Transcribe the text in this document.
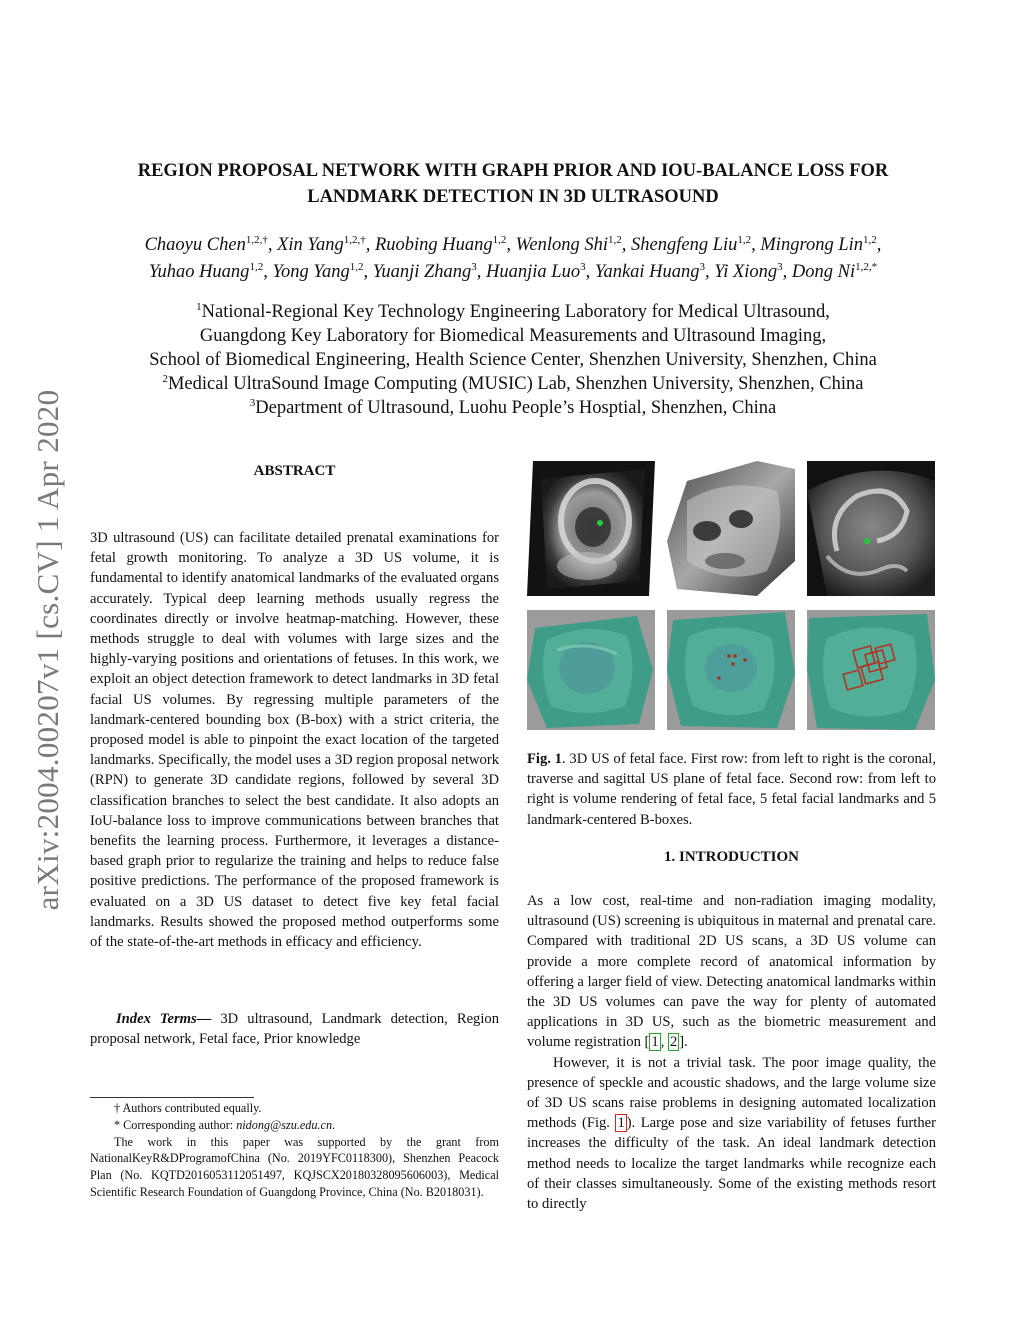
arXiv:2004.00207v1 [cs.CV] 1 Apr 2020
REGION PROPOSAL NETWORK WITH GRAPH PRIOR AND IOU-BALANCE LOSS FOR
LANDMARK DETECTION IN 3D ULTRASOUND
Chaoyu Chen$^{1,2,\dagger}$, Xin Yang$^{1,2,\dagger}$, Ruobing Huang$^{1,2}$, Wenlong Shi$^{1,2}$, Shengfeng Liu$^{1,2}$, Mingrong Lin$^{1,2}$,
Yuhao Huang$^{1,2}$, Yong Yang$^{1,2}$, Yuanji Zhang$^3$, Huanjia Luo$^3$, Yankai Huang$^3$, Yi Xiong$^3$, Dong $Ni^{1,2,*}$
$^1$National-Regional Key Technology Engineering Laboratory for Medical Ultrasound,
Guangdong Key Laboratory for Biomedical Measurements and Ultrasound Imaging,
School of Biomedical Engineering, Health Science Center, Shenzhen University, Shenzhen, China
$^2$Medical UltraSound Image Computing (MUSIC) Lab, Shenzhen University, Shenzhen, China
$^3$Department of Ultrasound, Luohu People’s Hosptial, Shenzhen, China
ABSTRACT

3D ultrasound (US) can facilitate detailed prenatal examinations for fetal growth monitoring. To analyze a 3D US volume, it is fundamental to identify anatomical landmarks of the evaluated organs accurately. Typical deep learning methods usually regress the coordinates directly or involve heatmap-matching. However, these methods struggle to deal with volumes with large sizes and the highly-varying positions and orientations of fetuses. In this work, we exploit an object detection framework to detect landmarks in 3D fetal facial US volumes. By regressing multiple parameters of the landmark-centered bounding box (B-box) with a strict criteria, the proposed model is able to pinpoint the exact location of the targeted landmarks. Specifically, the model uses a 3D region proposal network (RPN) to generate 3D candidate regions, followed by several 3D classification branches to select the best candidate. It also adopts an IoU-balance loss to improve communications between branches that benefits the learning process. Furthermore, it leverages a distance-based graph prior to regularize the training and helps to reduce false positive predictions. The performance of the proposed framework is evaluated on a 3D US dataset to detect five key fetal facial landmarks. Results showed the proposed method outperforms some of the state-of-the-art methods in efficacy and efficiency.

Index Terms— 3D ultrasound, Landmark detection, Region proposal network, Fetal face, Prior knowledge

† Authors contributed equally.

* Corresponding author: nidong@szu.edu.cn.

The work in this paper was supported by the grant from NationalKeyR&DProgramofChina (No. 2019YFC0118300), Shenzhen Peacock Plan (No. KQTD2016053112051497, KQJSCX20180328095606003), Medical Scientific Research Foundation of Guangdong Province, China (No. B2018031).

Fig. 1. 3D US of fetal face. First row: from left to right is the coronal, traverse and sagittal US plane of fetal face. Second row: from left to right is volume rendering of fetal face, 5 fetal facial landmarks and 5 landmark-centered B-boxes.

1. INTRODUCTION

As a low cost, real-time and non-radiation imaging modality, ultrasound (US) screening is ubiquitous in maternal and prenatal care. Compared with traditional 2D US scans, a 3D US volume can provide a more complete record of anatomical information by offering a larger field of view. Detecting anatomical landmarks within the 3D US volumes can pave the way for plenty of automated applications in 3D US, such as the biometric measurement and volume registration [ 1 , 2 ].

However, it is not a trivial task. The poor image quality, the presence of speckle and acoustic shadows, and the large volume size of 3D US scans raise problems in designing automated localization methods (Fig. 1 ). Large pose and size variability of fetuses further increases the difficulty of the task. An ideal landmark detection method needs to localize the target landmarks while recognize each of their classes simultaneously. Some of the existing methods resort to directly
